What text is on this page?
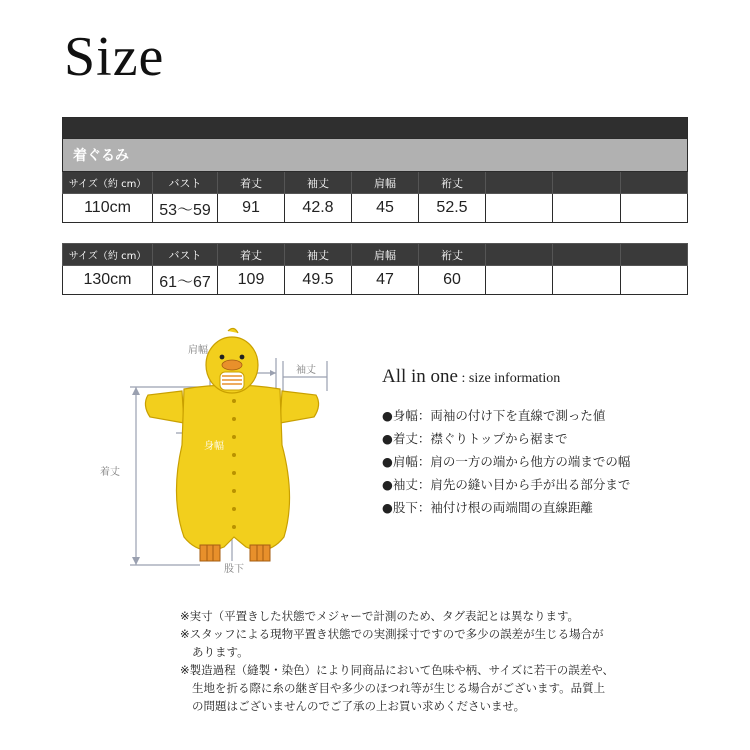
Size

着ぐるみ								
サイズ（約 cm）	バスト	着丈	袖丈	肩幅	裄丈			
110cm	53〜59	91	42.8	45	52.5			
サイズ（約 cm）	バスト	着丈	袖丈	肩幅	裄丈			
130cm	61〜67	109	49.5	47	60			
肩幅
袖丈
身幅
着丈
股下
All in one : size information
●身幅：両袖の付け下を直線で測った値
●着丈：襟ぐりトップから裾まで
●肩幅：肩の一方の端から他方の端までの幅
●袖丈：肩先の縫い目から手が出る部分まで
●股下：袖付け根の両端間の直線距離
※実寸（平置きした状態でメジャーで計測のため、タグ表記とは異なります。
※スタッフによる現物平置き状態での実測採寸ですので多少の誤差が生じる場合が
あります。
※製造過程（縫製・染色）により同商品において色味や柄、サイズに若干の誤差や、
生地を折る際に糸の継ぎ目や多少のほつれ等が生じる場合がございます。品質上
の問題はございませんのでご了承の上お買い求めくださいませ。
